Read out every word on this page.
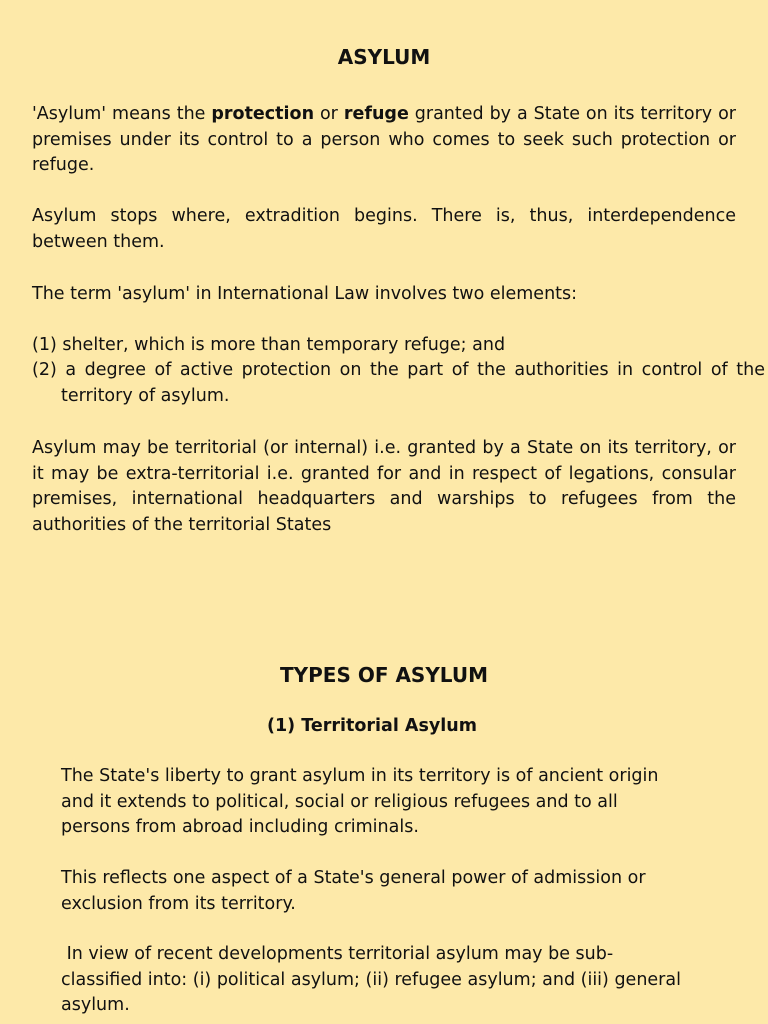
ASYLUM

'Asylum' means the protection or refuge granted by a State on its territory or premises under its control to a person who comes to seek such protection or refuge.

Asylum stops where, extradition begins. There is, thus, interdependence between them.

The term 'asylum' in International Law involves two elements:

(1) shelter, which is more than temporary refuge; and

(2) a degree of active protection on the part of the authorities in control of the territory of asylum.

Asylum may be territorial (or internal) i.e. granted by a State on its territory, or it may be extra-territorial i.e. granted for and in respect of legations, consular premises, international headquarters and warships to refugees from the authorities of the territorial States

TYPES OF ASYLUM
(1) Territorial Asylum

The State's liberty to grant asylum in its territory is of ancient origin and it extends to political, social or religious refugees and to all persons from abroad including criminals.

This reflects one aspect of a State's general power of admission or exclusion from its territory.

In view of recent developments territorial asylum may be sub-classified into: (i) political asylum; (ii) refugee asylum; and (iii) general asylum.
